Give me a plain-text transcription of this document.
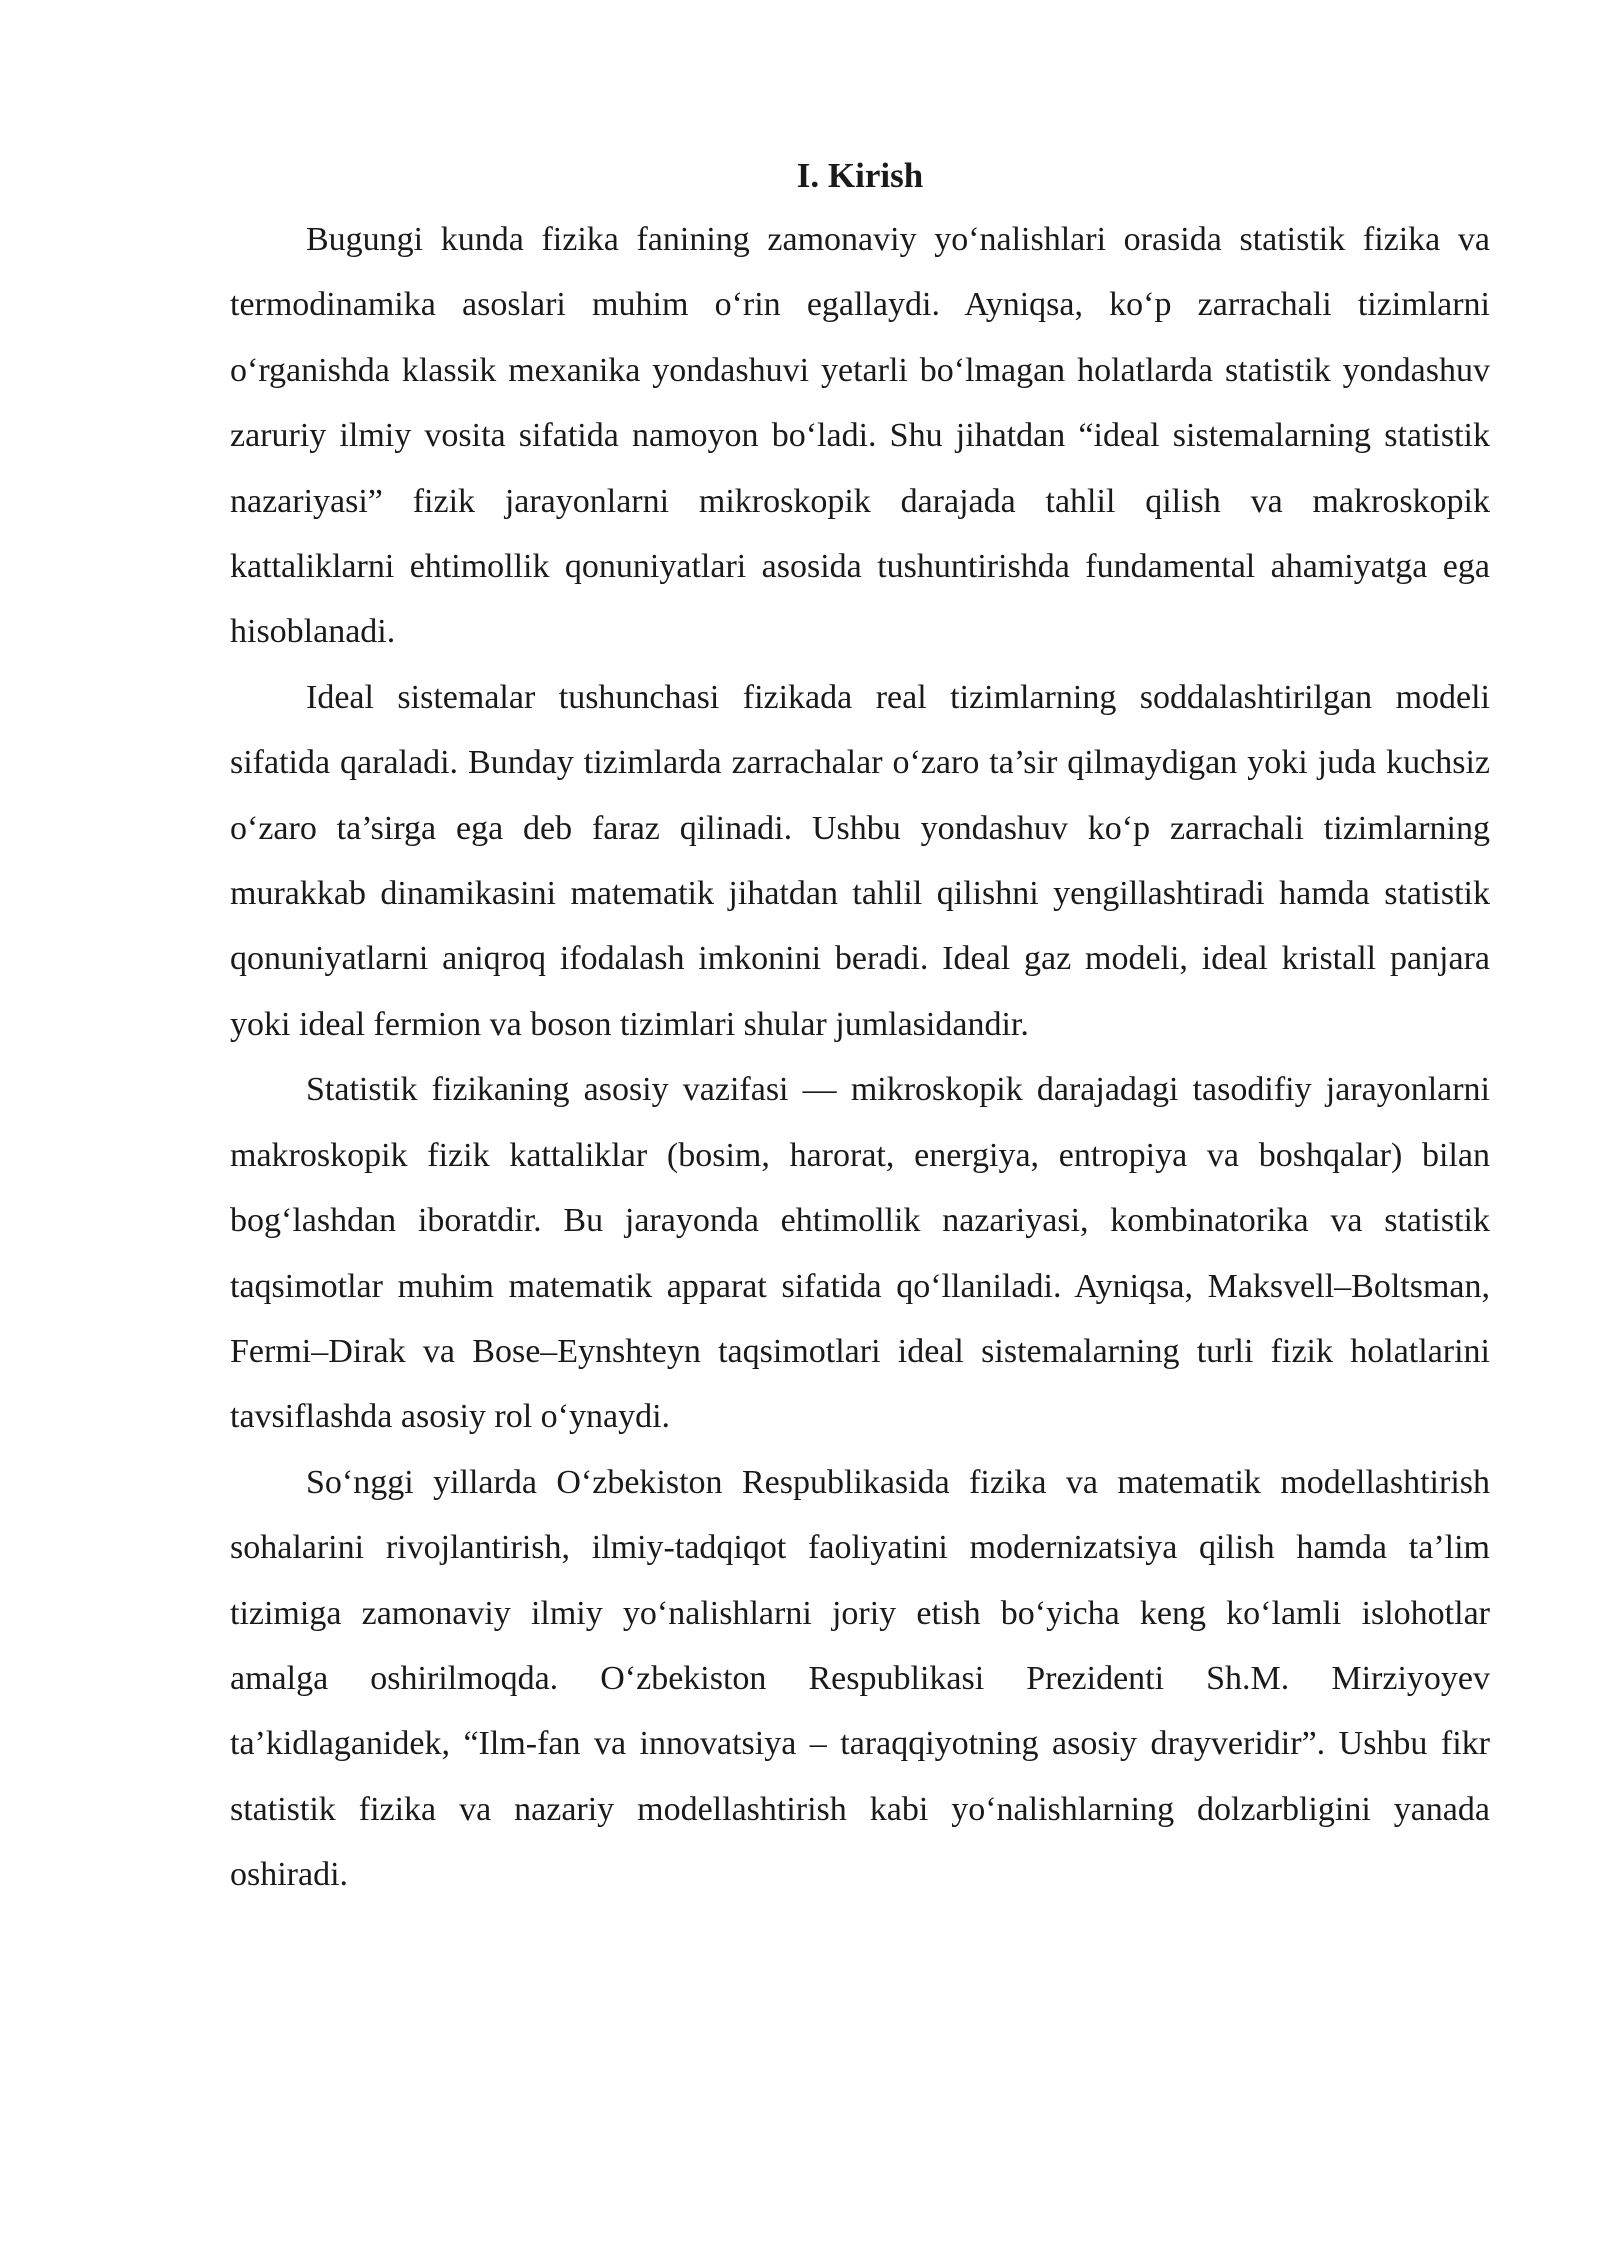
I. Kirish

Bugungi kunda fizika fanining zamonaviy yo‘nalishlari orasida statistik fizika va termodinamika asoslari muhim o‘rin egallaydi. Ayniqsa, ko‘p zarrachali tizimlarni o‘rganishda klassik mexanika yondashuvi yetarli bo‘lmagan holatlarda statistik yondashuv zaruriy ilmiy vosita sifatida namoyon bo‘ladi. Shu jihatdan “ideal sistemalarning statistik nazariyasi” fizik jarayonlarni mikroskopik darajada tahlil qilish va makroskopik kattaliklarni ehtimollik qonuniyatlari asosida tushuntirishda fundamental ahamiyatga ega hisoblanadi.

Ideal sistemalar tushunchasi fizikada real tizimlarning soddalashtirilgan modeli sifatida qaraladi. Bunday tizimlarda zarrachalar o‘zaro ta’sir qilmaydigan yoki juda kuchsiz o‘zaro ta’sirga ega deb faraz qilinadi. Ushbu yondashuv ko‘p zarrachali tizimlarning murakkab dinamikasini matematik jihatdan tahlil qilishni yengillashtiradi hamda statistik qonuniyatlarni aniqroq ifodalash imkonini beradi. Ideal gaz modeli, ideal kristall panjara yoki ideal fermion va boson tizimlari shular jumlasidandir.

Statistik fizikaning asosiy vazifasi — mikroskopik darajadagi tasodifiy jarayonlarni makroskopik fizik kattaliklar (bosim, harorat, energiya, entropiya va boshqalar) bilan bog‘lashdan iboratdir. Bu jarayonda ehtimollik nazariyasi, kombinatorika va statistik taqsimotlar muhim matematik apparat sifatida qo‘llaniladi. Ayniqsa, Maksvell–Boltsman, Fermi–Dirak va Bose–Eynshteyn taqsimotlari ideal sistemalarning turli fizik holatlarini tavsiflashda asosiy rol o‘ynaydi.

So‘nggi yillarda O‘zbekiston Respublikasida fizika va matematik modellashtirish sohalarini rivojlantirish, ilmiy-tadqiqot faoliyatini modernizatsiya qilish hamda ta’lim tizimiga zamonaviy ilmiy yo‘nalishlarni joriy etish bo‘yicha keng ko‘lamli islohotlar amalga oshirilmoqda. O‘zbekiston Respublikasi Prezidenti Sh.M. Mirziyoyev ta’kidlaganidek, “Ilm-fan va innovatsiya – taraqqiyotning asosiy drayveridir”. Ushbu fikr statistik fizika va nazariy modellashtirish kabi yo‘nalishlarning dolzarbligini yanada oshiradi.
